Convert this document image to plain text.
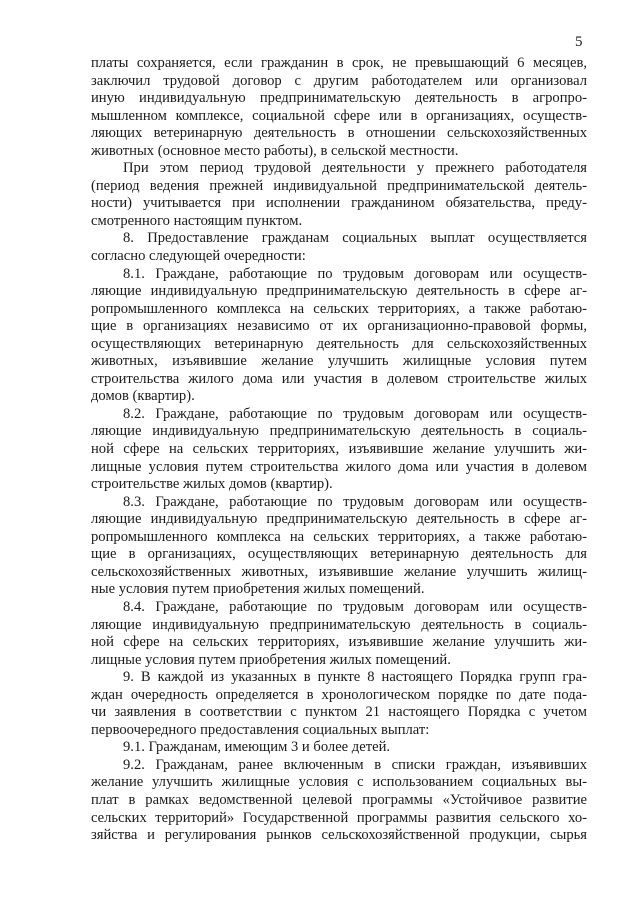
5
платы сохраняется, если гражданин в срок, не превышающий 6 месяцев,
заключил трудовой договор с другим работодателем или организовал
иную индивидуальную предпринимательскую деятельность в агропро-
мышленном комплексе, социальной сфере или в организациях, осуществ-
ляющих ветеринарную деятельность в отношении сельскохозяйственных
животных (основное место работы), в сельской местности.
При этом период трудовой деятельности у прежнего работодателя
(период ведения прежней индивидуальной предпринимательской деятель-
ности) учитывается при исполнении гражданином обязательства, преду-
смотренного настоящим пунктом.
8. Предоставление гражданам социальных выплат осуществляется
согласно следующей очередности:
8.1. Граждане, работающие по трудовым договорам или осуществ-
ляющие индивидуальную предпринимательскую деятельность в сфере аг-
ропромышленного комплекса на сельских территориях, а также работаю-
щие в организациях независимо от их организационно-правовой формы,
осуществляющих ветеринарную деятельность для сельскохозяйственных
животных, изъявившие желание улучшить жилищные условия путем
строительства жилого дома или участия в долевом строительстве жилых
домов (квартир).
8.2. Граждане, работающие по трудовым договорам или осуществ-
ляющие индивидуальную предпринимательскую деятельность в социаль-
ной сфере на сельских территориях, изъявившие желание улучшить жи-
лищные условия путем строительства жилого дома или участия в долевом
строительстве жилых домов (квартир).
8.3. Граждане, работающие по трудовым договорам или осуществ-
ляющие индивидуальную предпринимательскую деятельность в сфере аг-
ропромышленного комплекса на сельских территориях, а также работаю-
щие в организациях, осуществляющих ветеринарную деятельность для
сельскохозяйственных животных, изъявившие желание улучшить жилищ-
ные условия путем приобретения жилых помещений.
8.4. Граждане, работающие по трудовым договорам или осуществ-
ляющие индивидуальную предпринимательскую деятельность в социаль-
ной сфере на сельских территориях, изъявившие желание улучшить жи-
лищные условия путем приобретения жилых помещений.
9. В каждой из указанных в пункте 8 настоящего Порядка групп гра-
ждан очередность определяется в хронологическом порядке по дате пода-
чи заявления в соответствии с пунктом 21 настоящего Порядка с учетом
первоочередного предоставления социальных выплат:
9.1. Гражданам, имеющим 3 и более детей.
9.2. Гражданам, ранее включенным в списки граждан, изъявивших
желание улучшить жилищные условия с использованием социальных вы-
плат в рамках ведомственной целевой программы «Устойчивое развитие
сельских территорий» Государственной программы развития сельского хо-
зяйства и регулирования рынков сельскохозяйственной продукции, сырья
